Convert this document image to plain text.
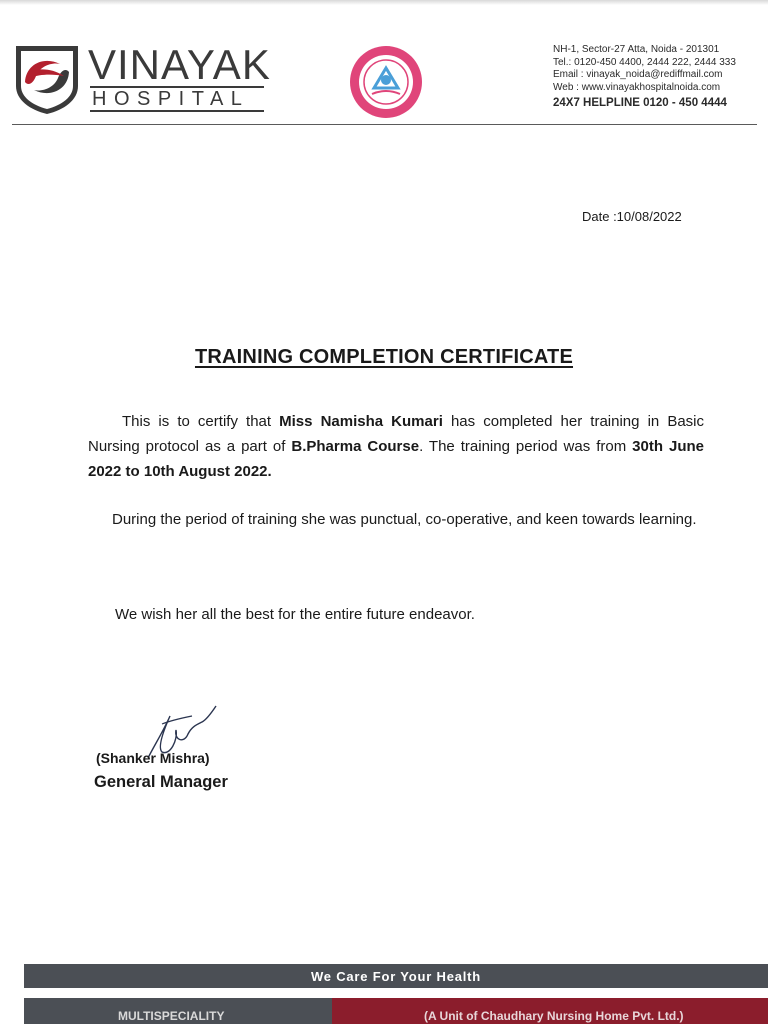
VINAYAK
HOSPITAL
NH-1, Sector-27 Atta, Noida - 201301
Tel.: 0120-450 4400, 2444 222, 2444 333
Email : vinayak_noida@rediffmail.com
Web : www.vinayakhospitalnoida.com
24X7 HELPLINE 0120 - 450 4444
Date :10/08/2022
TRAINING COMPLETION CERTIFICATE
This is to certify that Miss Namisha Kumari has completed her training in Basic Nursing protocol as a part of B.Pharma Course. The training period was from 30th June 2022 to 10th August 2022.
During the period of training she was punctual, co-operative, and keen towards learning.
We wish her all the best for the entire future endeavor.
(Shanker Mishra)
General Manager
We Care For Your Health
MULTISPECIALITY	(A Unit of Chaudhary Nursing Home Pvt. Ltd.)
